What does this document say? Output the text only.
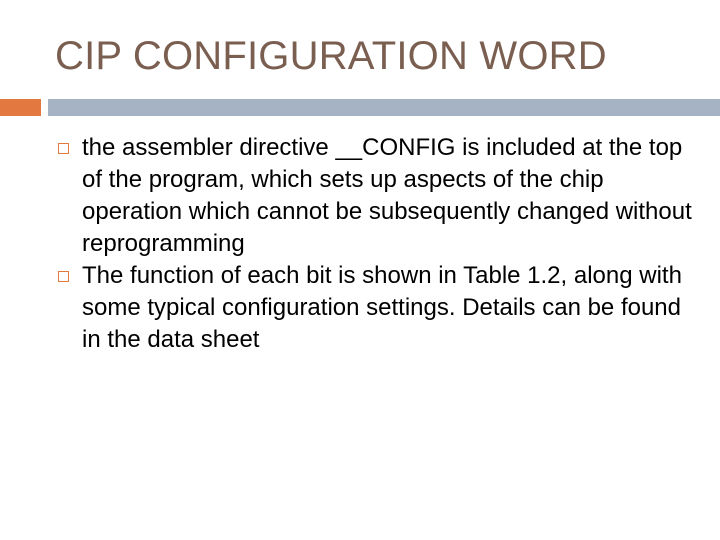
CIP CONFIGURATION WORD
the assembler directive __CONFIG is included at the top of the program, which sets up aspects of the chip operation which cannot be subsequently changed without reprogramming
The function of each bit is shown in Table 1.2, along with some typical configuration settings. Details can be found in the data sheet
